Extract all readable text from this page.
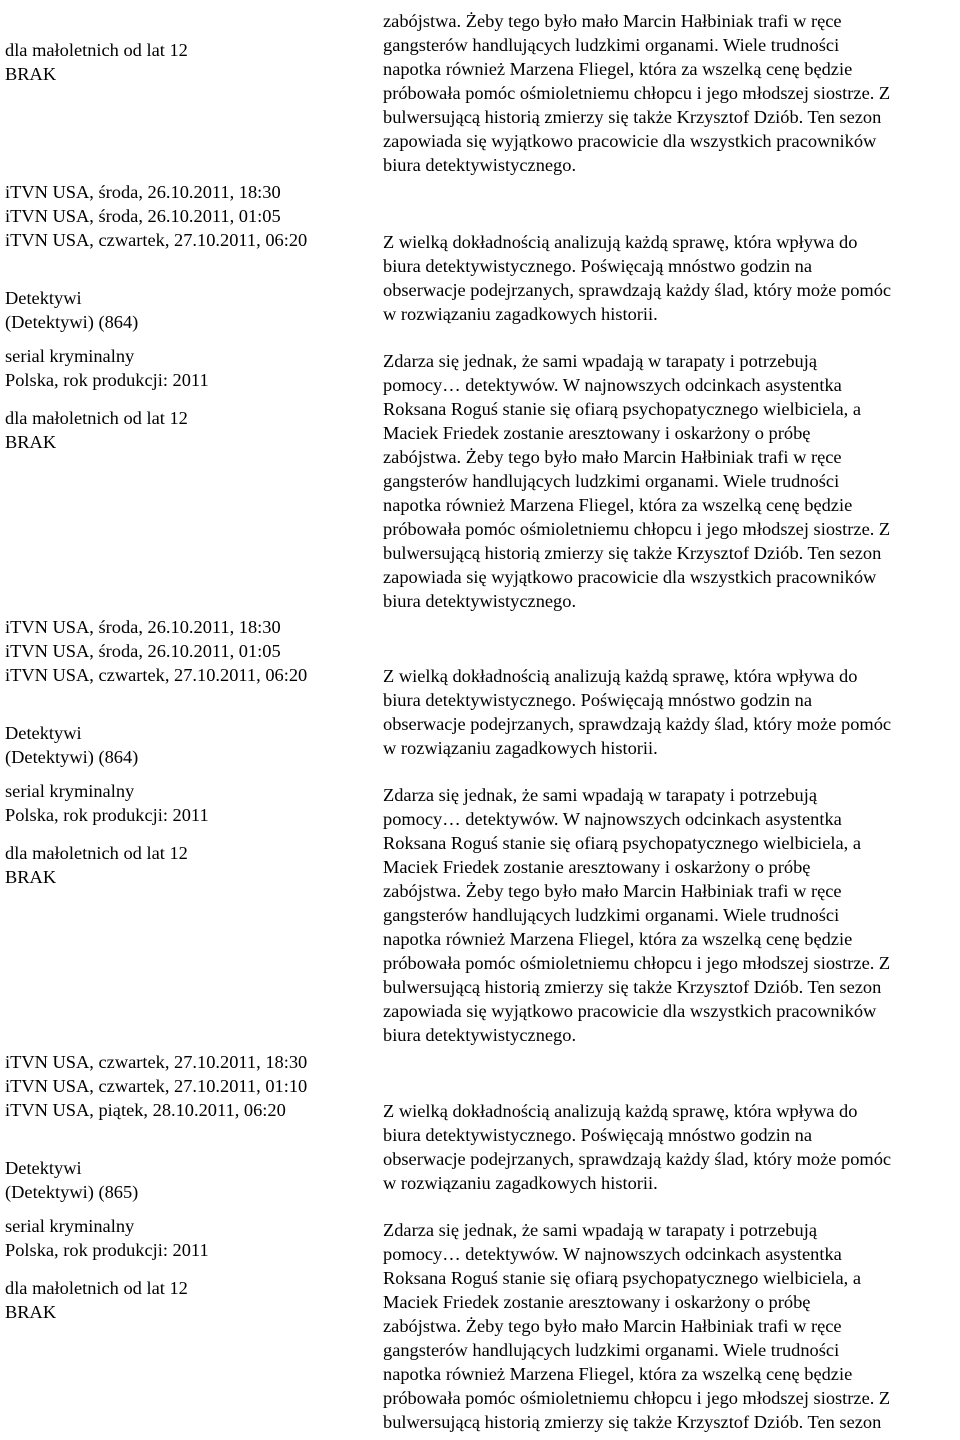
dla małoletnich od lat 12
BRAK
iTVN USA, środa, 26.10.2011, 18:30
iTVN USA, środa, 26.10.2011, 01:05
iTVN USA, czwartek, 27.10.2011, 06:20
Detektywi
(Detektywi) (864)
serial kryminalny
Polska, rok produkcji: 2011
dla małoletnich od lat 12
BRAK
iTVN USA, środa, 26.10.2011, 18:30
iTVN USA, środa, 26.10.2011, 01:05
iTVN USA, czwartek, 27.10.2011, 06:20
Detektywi
(Detektywi) (864)
serial kryminalny
Polska, rok produkcji: 2011
dla małoletnich od lat 12
BRAK
iTVN USA, czwartek, 27.10.2011, 18:30
iTVN USA, czwartek, 27.10.2011, 01:10
iTVN USA, piątek, 28.10.2011, 06:20
Detektywi
(Detektywi) (865)
serial kryminalny
Polska, rok produkcji: 2011
dla małoletnich od lat 12
BRAK
zabójstwa. Żeby tego było mało Marcin Hałbiniak trafi w ręce
gangsterów handlujących ludzkimi organami. Wiele trudności
napotka również Marzena Fliegel, która za wszelką cenę będzie
próbowała pomóc ośmioletniemu chłopcu i jego młodszej siostrze. Z
bulwersującą historią zmierzy się także Krzysztof Dziób. Ten sezon
zapowiada się wyjątkowo pracowicie dla wszystkich pracowników
biura detektywistycznego.
Z wielką dokładnością analizują każdą sprawę, która wpływa do
biura detektywistycznego. Poświęcają mnóstwo godzin na
obserwacje podejrzanych, sprawdzają każdy ślad, który może pomóc
w rozwiązaniu zagadkowych historii.
Zdarza się jednak, że sami wpadają w tarapaty i potrzebują
pomocy… detektywów. W najnowszych odcinkach asystentka
Roksana Roguś stanie się ofiarą psychopatycznego wielbiciela, a
Maciek Friedek zostanie aresztowany i oskarżony o próbę
zabójstwa. Żeby tego było mało Marcin Hałbiniak trafi w ręce
gangsterów handlujących ludzkimi organami. Wiele trudności
napotka również Marzena Fliegel, która za wszelką cenę będzie
próbowała pomóc ośmioletniemu chłopcu i jego młodszej siostrze. Z
bulwersującą historią zmierzy się także Krzysztof Dziób. Ten sezon
zapowiada się wyjątkowo pracowicie dla wszystkich pracowników
biura detektywistycznego.
Z wielką dokładnością analizują każdą sprawę, która wpływa do
biura detektywistycznego. Poświęcają mnóstwo godzin na
obserwacje podejrzanych, sprawdzają każdy ślad, który może pomóc
w rozwiązaniu zagadkowych historii.
Zdarza się jednak, że sami wpadają w tarapaty i potrzebują
pomocy… detektywów. W najnowszych odcinkach asystentka
Roksana Roguś stanie się ofiarą psychopatycznego wielbiciela, a
Maciek Friedek zostanie aresztowany i oskarżony o próbę
zabójstwa. Żeby tego było mało Marcin Hałbiniak trafi w ręce
gangsterów handlujących ludzkimi organami. Wiele trudności
napotka również Marzena Fliegel, która za wszelką cenę będzie
próbowała pomóc ośmioletniemu chłopcu i jego młodszej siostrze. Z
bulwersującą historią zmierzy się także Krzysztof Dziób. Ten sezon
zapowiada się wyjątkowo pracowicie dla wszystkich pracowników
biura detektywistycznego.
Z wielką dokładnością analizują każdą sprawę, która wpływa do
biura detektywistycznego. Poświęcają mnóstwo godzin na
obserwacje podejrzanych, sprawdzają każdy ślad, który może pomóc
w rozwiązaniu zagadkowych historii.
Zdarza się jednak, że sami wpadają w tarapaty i potrzebują
pomocy… detektywów. W najnowszych odcinkach asystentka
Roksana Roguś stanie się ofiarą psychopatycznego wielbiciela, a
Maciek Friedek zostanie aresztowany i oskarżony o próbę
zabójstwa. Żeby tego było mało Marcin Hałbiniak trafi w ręce
gangsterów handlujących ludzkimi organami. Wiele trudności
napotka również Marzena Fliegel, która za wszelką cenę będzie
próbowała pomóc ośmioletniemu chłopcu i jego młodszej siostrze. Z
bulwersującą historią zmierzy się także Krzysztof Dziób. Ten sezon
